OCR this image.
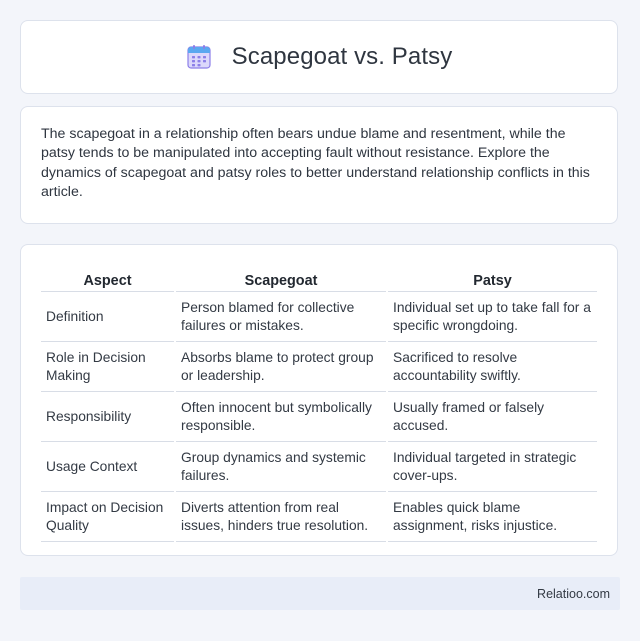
Scapegoat vs. Patsy

The scapegoat in a relationship often bears undue blame and resentment, while the patsy tends to be manipulated into accepting fault without resistance. Explore the dynamics of scapegoat and patsy roles to better understand relationship conflicts in this article.

Aspect	Scapegoat	Patsy
Definition	Person blamed for collective failures or mistakes.	Individual set up to take fall for a specific wrongdoing.
Role in Decision Making	Absorbs blame to protect group or leadership.	Sacrificed to resolve accountability swiftly.
Responsibility	Often innocent but symbolically responsible.	Usually framed or falsely accused.
Usage Context	Group dynamics and systemic failures.	Individual targeted in strategic cover-ups.
Impact on Decision Quality	Diverts attention from real issues, hinders true resolution.	Enables quick blame assignment, risks injustice.
Relatioo.com
